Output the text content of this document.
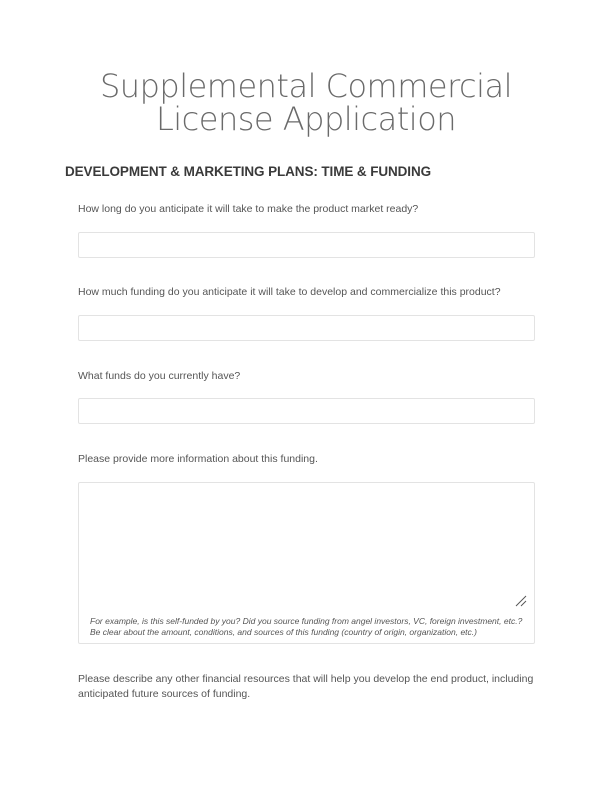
Supplemental Commercial License Application
DEVELOPMENT & MARKETING PLANS: TIME & FUNDING
How long do you anticipate it will take to make the product market ready?
How much funding do you anticipate it will take to develop and commercialize this product?
What funds do you currently have?
Please provide more information about this funding.
For example, is this self-funded by you? Did you source funding from angel investors, VC, foreign investment, etc.? Be clear about the amount, conditions, and sources of this funding (country of origin, organization, etc.)
Please describe any other financial resources that will help you develop the end product, including anticipated future sources of funding.
